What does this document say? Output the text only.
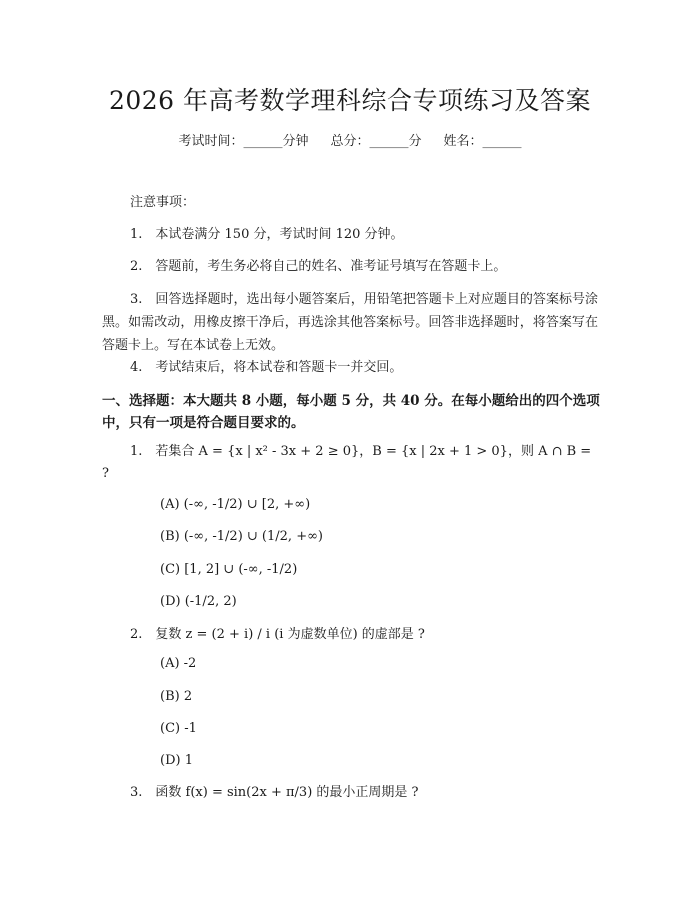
2026 年高考数学理科综合专项练习及答案
考试时间：______分钟 总分：______分 姓名：______
注意事项：
1.　本试卷满分 150 分，考试时间 120 分钟。
2.　答题前，考生务必将自己的姓名、准考证号填写在答题卡上。
3.　回答选择题时，选出每小题答案后，用铅笔把答题卡上对应题目的答案标号涂黑。如需改动，用橡皮擦干净后，再选涂其他答案标号。回答非选择题时，将答案写在答题卡上。写在本试卷上无效。
4.　考试结束后，将本试卷和答题卡一并交回。
一、选择题：本大题共 8 小题，每小题 5 分，共 40 分。在每小题给出的四个选项中，只有一项是符合题目要求的。
1.　若集合 A = {x | x² - 3x + 2 ≥ 0}，B = {x | 2x + 1 > 0}，则 A ∩ B = ?
(A) (-∞, -1/2) ∪ [2, +∞)
(B) (-∞, -1/2) ∪ (1/2, +∞)
(C) [1, 2] ∪ (-∞, -1/2)
(D) (-1/2, 2)
2.　复数 z = (2 + i) / i (i 为虚数单位) 的虚部是 ?
(A) -2
(B) 2
(C) -1
(D) 1
3.　函数 f(x) = sin(2x + π/3) 的最小正周期是 ?
